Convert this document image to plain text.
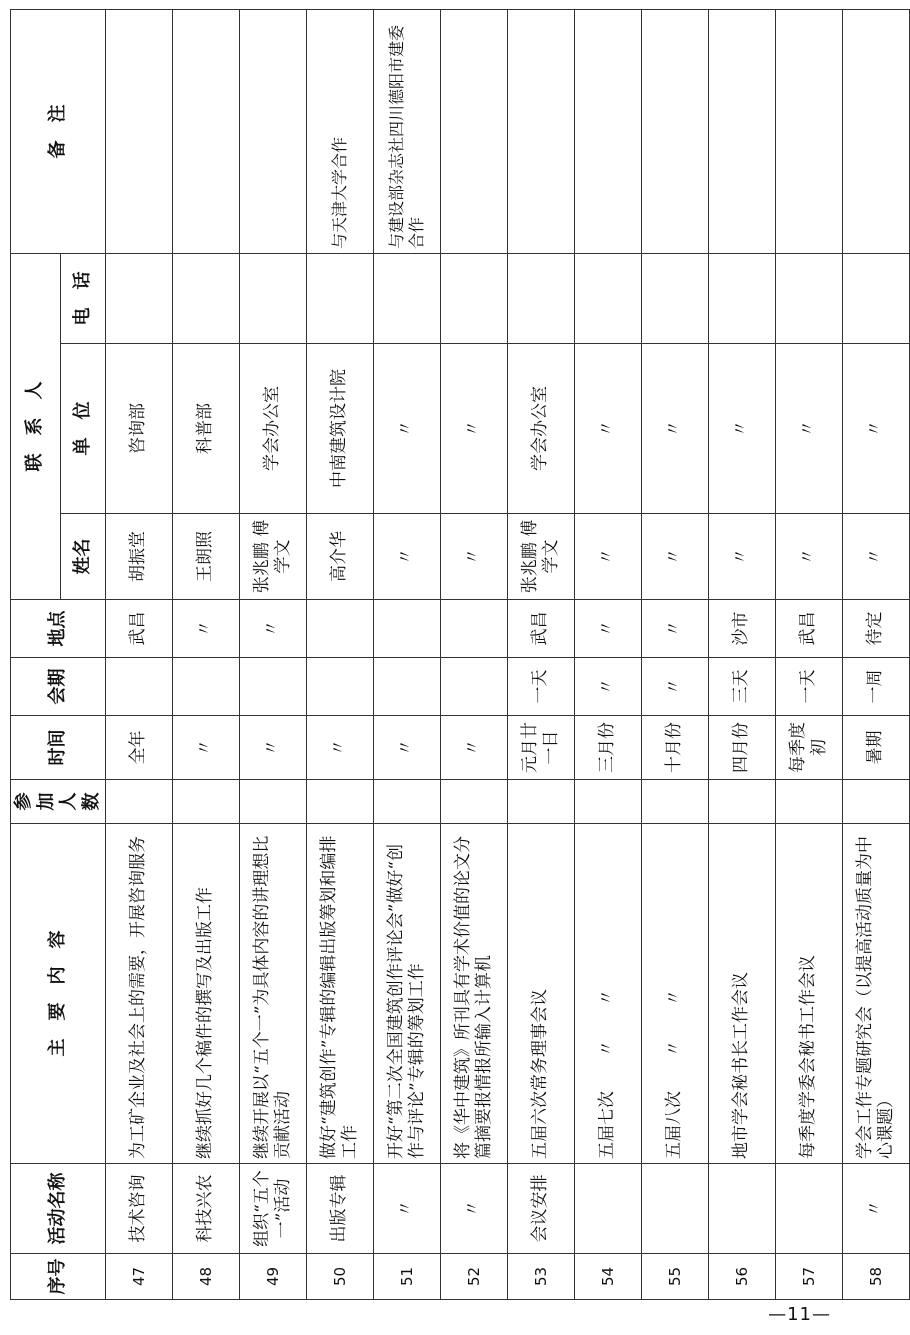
序号	活动名称	主　要　内　容	参加人数	时间	会期	地点	联　系　人			备　注
							姓名	单　位	电　话	
47	技术咨询	为工矿企业及社会上的需要，开展咨询服务		全年		武昌	胡振堂	咨询部		
48	科技兴农	继续抓好几个稿件的撰写及出版工作		〃		〃	王朗照	科普部		
49	组织“五个一”活动	继续开展以“五个一”为具体内容的讲理想比贡献活动		〃		〃	张兆鹏 傅学文	学会办公室		
50	出版专辑	做好“建筑创作”专辑的编辑出版筹划和编排工作		〃			高介华	中南建筑设计院		与天津大学合作
51	〃	开好“第二次全国建筑创作评论会”做好“创作与评论”专辑的筹划工作		〃			〃	〃		与建设部杂志社四川德阳市建委合作
52	〃	将《华中建筑》所刊具有学术价值的论文分篇摘要报情报所输入计算机		〃			〃	〃		
53	会议安排	五届六次常务理事会议		元月廿一日	一天	武昌	张兆鹏 傅学文	学会办公室		
54		五届七次　　〃　　〃		三月份	〃	〃	〃	〃		
55		五届八次　　〃　　〃		十月份	〃	〃	〃	〃		
56		地市学会秘书长工作会议		四月份	三天	沙市	〃	〃		
57		每季度学委会秘书工作会议		每季度初	一天	武昌	〃	〃		
58	〃	学会工作专题研究会（以提高活动质量为中心课题）		暑期	一周	待定	〃	〃		
—11—
